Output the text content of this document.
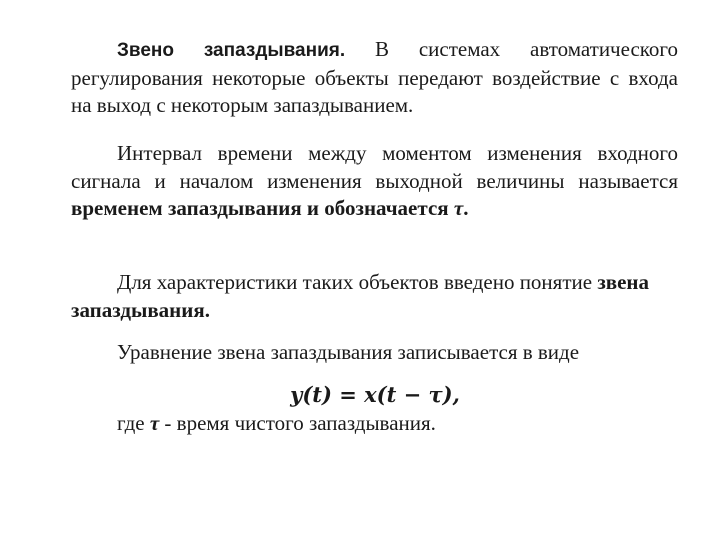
Звено запаздывания. В системах автоматического регулирования некоторые объекты передают воздействие с входа на выход с некоторым запаздыванием.

Интервал времени между моментом изменения входного сигнала и началом изменения выходной величины называется временем запаздывания и обозначается τ.

Для характеристики таких объектов введено понятие звена запаздывания.

Уравнение звена запаздывания записывается в виде

y(t) = x(t − τ),
где τ - время чистого запаздывания.
